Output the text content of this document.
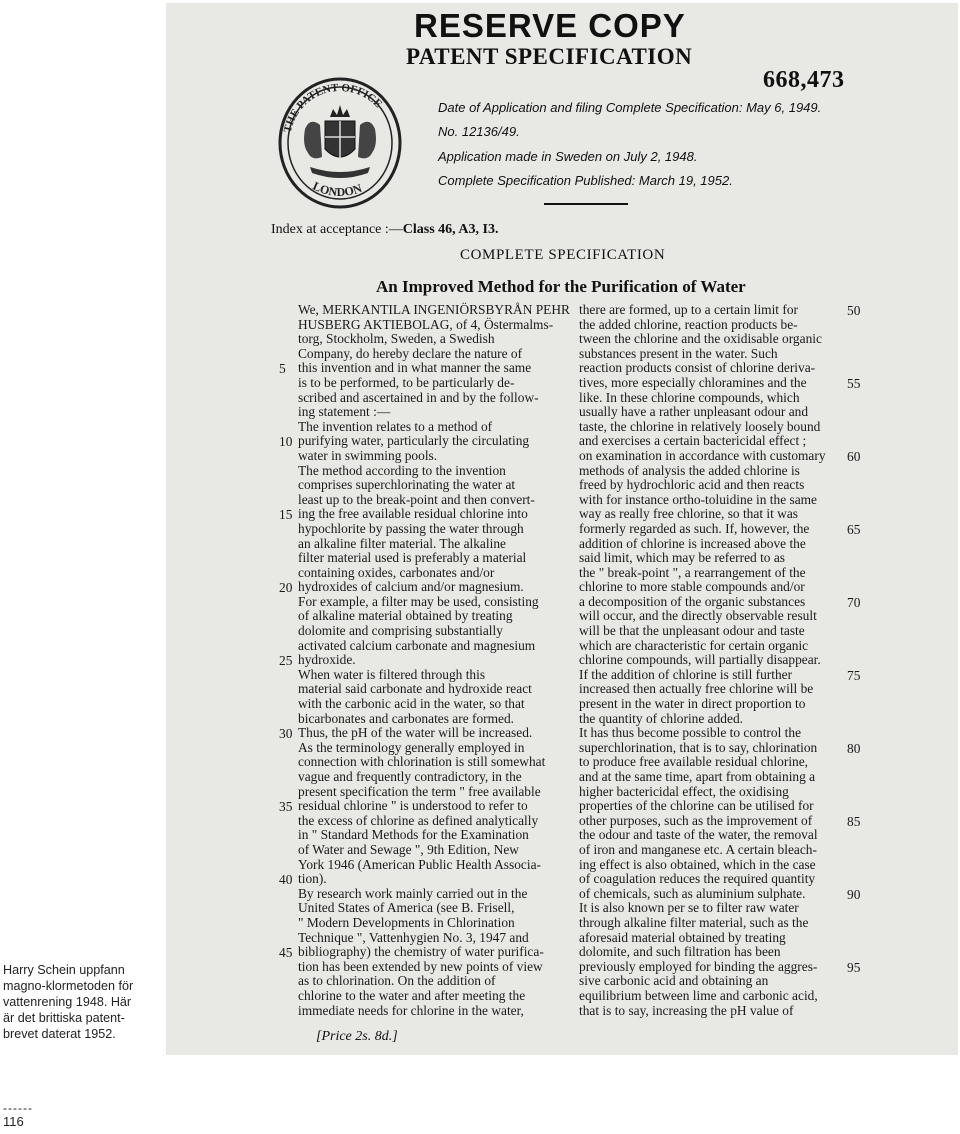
Harry Schein uppfann
magno-klormetoden för
vattenrening 1948. Här
är det brittiska patent-
brevet daterat 1952.
------
116
RESERVE COPY
PATENT SPECIFICATION
668,473
THE PATENT OFFICE
LONDON
Date of Application and filing Complete Specification: May 6, 1949.
No. 12136/49.
Application made in Sweden on July 2, 1948.
Complete Specification Published: March 19, 1952.
Index at acceptance :—Class 46, A3, I3.
COMPLETE SPECIFICATION
An Improved Method for the Purification of Water
We, MERKANTILA INGENIÖRSBYRÅN PEHR
HUSBERG AKTIEBOLAG, of 4, Östermalms-
torg, Stockholm, Sweden, a Swedish
Company, do hereby declare the nature of
this invention and in what manner the same
is to be performed, to be particularly de-
scribed and ascertained in and by the follow-
ing statement :—
The invention relates to a method of
purifying water, particularly the circulating
water in swimming pools.
The method according to the invention
comprises superchlorinating the water at
least up to the break-point and then convert-
ing the free available residual chlorine into
hypochlorite by passing the water through
an alkaline filter material. The alkaline
filter material used is preferably a material
containing oxides, carbonates and/or
hydroxides of calcium and/or magnesium.
For example, a filter may be used, consisting
of alkaline material obtained by treating
dolomite and comprising substantially
activated calcium carbonate and magnesium
hydroxide.
When water is filtered through this
material said carbonate and hydroxide react
with the carbonic acid in the water, so that
bicarbonates and carbonates are formed.
Thus, the pH of the water will be increased.
As the terminology generally employed in
connection with chlorination is still somewhat
vague and frequently contradictory, in the
present specification the term " free available
residual chlorine " is understood to refer to
the excess of chlorine as defined analytically
in " Standard Methods for the Examination
of Water and Sewage ", 9th Edition, New
York 1946 (American Public Health Associa-
tion).
By research work mainly carried out in the
United States of America (see B. Frisell,
" Modern Developments in Chlorination
Technique ", Vattenhygien No. 3, 1947 and
bibliography) the chemistry of water purifica-
tion has been extended by new points of view
as to chlorination. On the addition of
chlorine to the water and after meeting the
immediate needs for chlorine in the water,
there are formed, up to a certain limit for
the added chlorine, reaction products be-
tween the chlorine and the oxidisable organic
substances present in the water. Such
reaction products consist of chlorine deriva-
tives, more especially chloramines and the
like. In these chlorine compounds, which
usually have a rather unpleasant odour and
taste, the chlorine in relatively loosely bound
and exercises a certain bactericidal effect ;
on examination in accordance with customary
methods of analysis the added chlorine is
freed by hydrochloric acid and then reacts
with for instance ortho-toluidine in the same
way as really free chlorine, so that it was
formerly regarded as such. If, however, the
addition of chlorine is increased above the
said limit, which may be referred to as
the " break-point ", a rearrangement of the
chlorine to more stable compounds and/or
a decomposition of the organic substances
will occur, and the directly observable result
will be that the unpleasant odour and taste
which are characteristic for certain organic
chlorine compounds, will partially disappear.
If the addition of chlorine is still further
increased then actually free chlorine will be
present in the water in direct proportion to
the quantity of chlorine added.
It has thus become possible to control the
superchlorination, that is to say, chlorination
to produce free available residual chlorine,
and at the same time, apart from obtaining a
higher bactericidal effect, the oxidising
properties of the chlorine can be utilised for
other purposes, such as the improvement of
the odour and taste of the water, the removal
of iron and manganese etc. A certain bleach-
ing effect is also obtained, which in the case
of coagulation reduces the required quantity
of chemicals, such as aluminium sulphate.
It is also known per se to filter raw water
through alkaline filter material, such as the
aforesaid material obtained by treating
dolomite, and such filtration has been
previously employed for binding the aggres-
sive carbonic acid and obtaining an
equilibrium between lime and carbonic acid,
that is to say, increasing the pH value of
5
10
15
20
25
30
35
40
45
50
55
60
65
70
75
80
85
90
95
[Price 2s. 8d.]
